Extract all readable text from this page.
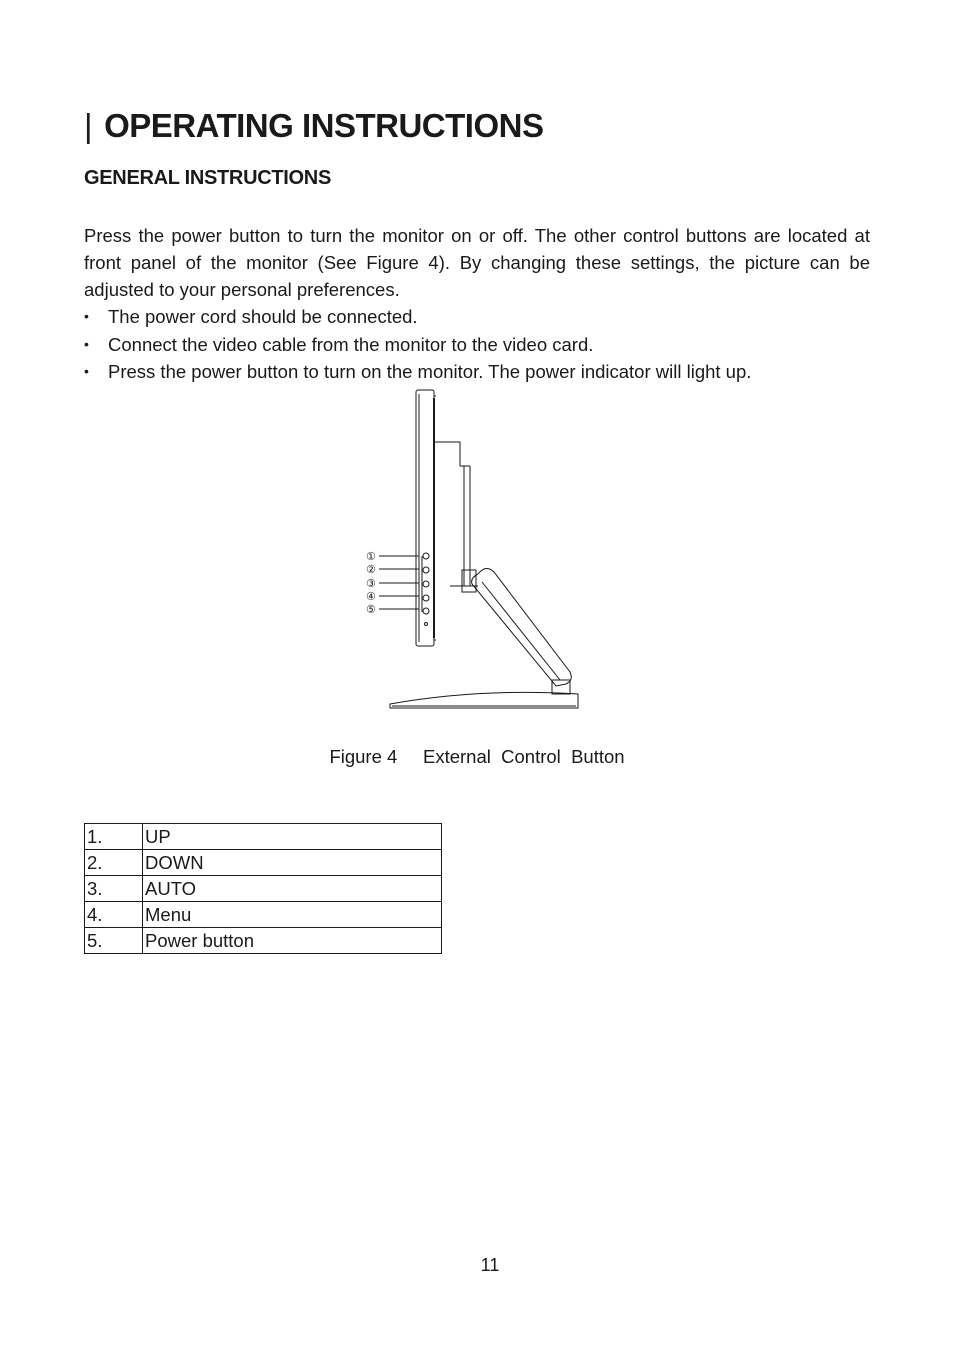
| OPERATING INSTRUCTIONS
GENERAL INSTRUCTIONS

Press the power button to turn the monitor on or off. The other control buttons are located at front panel of the monitor (See Figure 4). By changing these settings, the picture can be adjusted to your personal preferences.

• The power cord should be connected.
• Connect the video cable from the monitor to the video card.
• Press the power button to turn on the monitor. The power indicator will light up.
①
②
③
④
⑤
Figure 4     External  Control  Button
1.	UP
2.	DOWN
3.	AUTO
4.	Menu
5.	Power button
11
